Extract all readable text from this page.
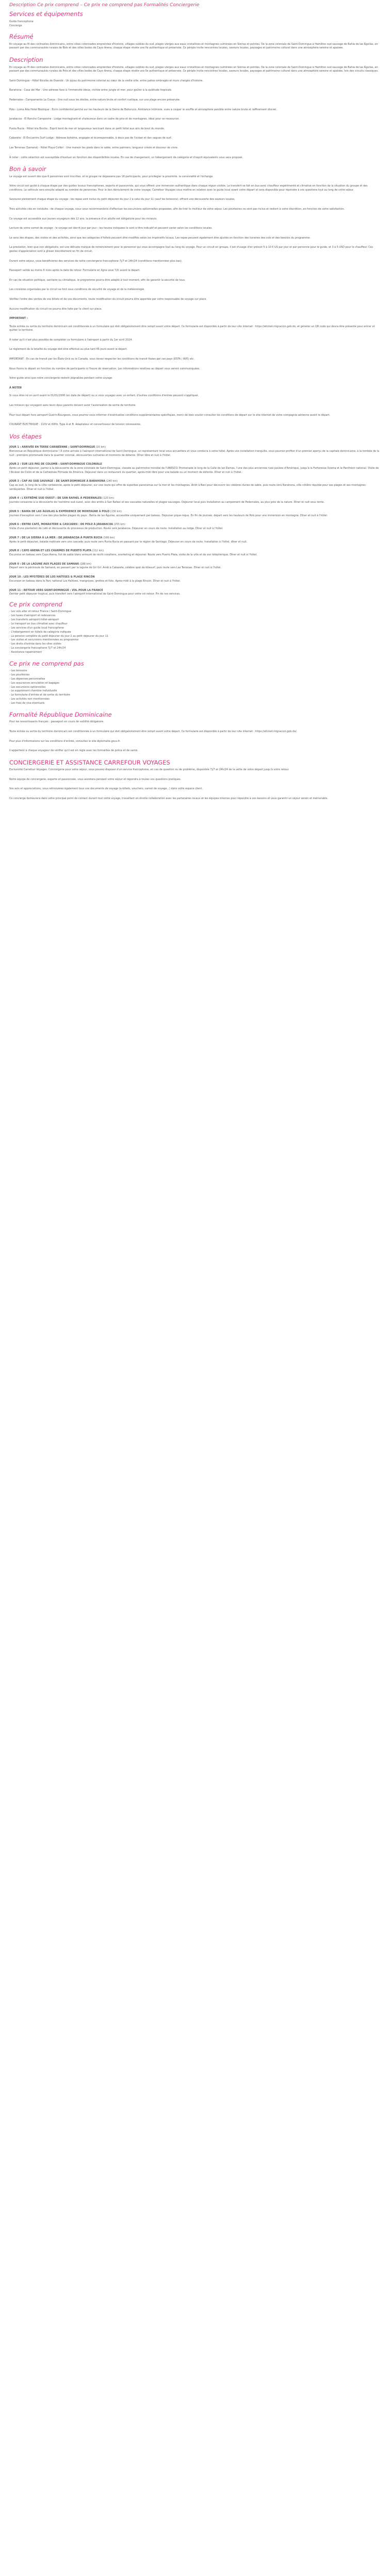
Description Ce prix comprend – Ce prix ne comprend pas Formalités Conciergerie
Services et équipements
Guide francophone
Concierge
Résumé
En voyage au fil des contrastes dominicains, entre côtes colonnades empreintes d'histoire, villages oubliés du sud, plages vierges aux eaux cristallines et montagnes culminées en Sierras et pointes. De la zone coloniale de Saint-Domingue à Hamilton sud sauvage de Bahia de las Águilas, en passant par des communautés rurales de Bois et des villes bodes de Cayo Arena, chaque étape révèle une île authentique et préservée. Ce périple invite rencontres locales, saveurs locales, paysages et patrimoine culturel dans une atmosphère sereine et apaisée.
Description
En voyage au fil des contrastes dominicains, entre côtes colonnades empreintes d'histoire, villages oubliés du sud, plages vierges aux eaux cristallines et montagnes culminées en Sierras et pointes. De la zone coloniale de Saint-Domingue à Hamilton sud sauvage de Bahía de las Águilas, en passant par des communautés rurales de Polo et des villes bodes de Cayo Arena, chaque étape révèle une île authentique et préservée. Ce périple invite rencontres locales, saveurs locales, paysages et patrimoine culturel dans une atmosphère sereine et apaisée, loin des circuits classiques.
Saint-Domingue - Hôtel Nicolás de Ovando : Un joyau du patrimoine colonial au cœur de la vieille ville, entre patios ombragés et murs chargés d'histoire.
Barahona - Casa del Mar : Une adresse face à l'immensité bleue, nichée entre jungle et mer, pour goûter à la quiétude tropicale.
Pedernales - Campamento La Cueva : Une nuit sous les étoiles, entre nature brute et confort rustique, sur une plage encore préservée.
Polo - Loma Alta Hotel Boutique : Écrin confidentiel perché sur les hauteurs de la Sierra de Bahoruco. Ambiance intimiste, vues à couper le souffle et atmosphère paisible entre nature brute et raffinement discret.
Jarabacoa - El Rancho Campestre : Lodge montagnard et chaleureux dans un cadre de pins et de montagnes, idéal pour se ressourcer.
Punta Rucia - Hôtel Isla Bonita : Esprit bord de mer et langoureux lancinant dans un petit hôtel aux airs de bout du monde.
Cabarete - El Encuentro Surf Lodge : Adresse bohème, engagée et écoresponsable, à deux pas de l'océan et des vagues de surf.
Las Terrenas (Samaná) - Hôtel Playa Colibrí : Une maison les pieds dans le sable, entre palmiers, langueur créole et douceur de vivre.
À noter : cette sélection est susceptible d'évoluer en fonction des disponibilités locales. En cas de changement, un hébergement de catégorie et d'esprit équivalents vous sera proposé.
Bon à savoir
Le voyage est ouvert dès que 6 personnes sont inscrites, et le groupe ne dépassera pas 16 participants, pour privilégier la proximité, la convivialité et l'échange.
Votre circuit est guidé à chaque étape par des guides locaux francophones, experts et passionnés, qui vous offrent une immersion authentique dans chaque région visitée. Le transfert se fait en bus avec chauffeur expérimenté et climatisé en fonction de la situation du groupe et des conditions. Le véhicule sera ensuite adapté au nombre de personnes. Pour le bon déroulement de votre voyage, Carrefour Voyages vous mettra en relation avec le guide local avant votre départ et sera disponible pour répondre à vos questions tout au long de votre séjour.
Savourez pleinement chaque étape du voyage : les repas sont inclus du petit déjeuner du jour 2 à celui du jour 11 (sauf les boissons), offrant une découverte des saveurs locales.
Trois activités clés en conduite : de chaque voyage, nous vous recommandons d'effectuer les excursions optionnelles proposées, afin de tirer le meilleur de votre séjour. Les pourboires ne sont pas inclus et restent à votre discrétion, en fonction de votre satisfaction.
Ce voyage est accessible aux jeunes voyageurs dès 12 ans, la présence d'un adulte est obligatoire pour les mineurs.
Lecture de votre carnet de voyage : le voyage est décrit jour par jour ; les heures indiquées le sont à titre indicatif et peuvent varier selon les conditions locales.
Le sens des étapes, des visites et des activités, ainsi que les catégories d'hôtels peuvent être modifiés selon les impératifs locaux. Les repas peuvent également être ajustés en fonction des horaires des vols et des besoins du programme.
La prestation, bien que non obligatoire, est une délicate marque de remerciement pour le personnel qui vous accompagne tout au long du voyage. Pour un circuit en groupe, il est d'usage d'en prévoir 5 à 10 € US par jour et par personne pour le guide, et 3 à 5 USD pour le chauffeur. Ces gestes d'appréciation sont à glisser discrètement en fin de circuit.
Durant votre séjour, vous bénéficierez des services de notre conciergerie francophone 7j/7 et 24h/24 (conditions mentionnées plus bas).
Passeport valide au moins 6 mois après la date de retour. Formulaire en ligne sous 72h avant le départ.
En cas de situation politique, sanitaire ou climatique, le programme pourra être adapté à tout moment, afin de garantir la sécurité de tous.
Les croisières organisées par le circuit se font sous conditions de sécurité de voyage et de la météorologie.
Vérifiez l'ordre des ventes de vos billets et de vos documents, toute modification du circuit pourra être apportée par votre responsable de voyage sur place.
Aucune modification du circuit ne pourra être faite par le client sur place.
IMPORTANT :
Toute entrée ou sortie du territoire dominicain est conditionnée à un formulaire qui doit obligatoirement être rempli avant votre départ. Ce formulaire est disponible à partir de leur site internet : https://eticket.migracion.gob.do, et générer un QR code qui devra être présenté pour entrer et quitter le territoire.
À noter qu'il n'est plus possible de compléter ce formulaire à l'aéroport à partir du 1er avril 2024.
Le règlement de la totalité du voyage doit être effectué au plus tard 45 jours avant le départ.
IMPORTANT : En cas de transit par les États-Unis ou le Canada, vous devez respecter les conditions de transit fixées par ces pays (ESTA / AVE) etc.
Nous fixons le départ en fonction du nombre de participants à l'heure de réservation. Les informations relatives au départ vous seront communiquées.
Votre guide ainsi que notre conciergerie restent joignables pendant votre voyage.
À NOTER
Si vous êtes né en avril avant le 01/01/2006 (en date de départ) ou si vous voyagez avec un enfant, d'autres conditions d'entrée peuvent s'appliquer.
Les mineurs qui voyagent sans leurs deux parents doivent avoir l'autorisation de sortie de territoire.
Pour tout départ hors aéroport Guérin-Bourgeois, vous pourrez vous informer d'éventuelles conditions supplémentaires spécifiques, merci de bien vouloir consulter les conditions de départ sur le site internet de votre compagnie aérienne avant le départ.
COURANT ÉLECTRIQUE : 110V et 60Hz. Type A et B. Adaptateur et convertisseur de tension nécessaires.
Vos étapes
JOUR 1 : ARRIVÉE EN TERRE CARIBÉENNE : SAINT-DOMINGUE (20 km)
Bienvenue en République dominicaine ! À votre arrivée à l'aéroport international de Saint-Domingue, un représentant local vous accueillera et vous conduira à votre hôtel. Après une installation tranquille, vous pourrez profiter d'un premier aperçu de la capitale dominicaine, à la tombée de la nuit : première promenade dans le quartier colonial, découvertes culinaires et moments de détente. Dîner libre et nuit à l'hôtel.
JOUR 2 : SUR LES PAS DE COLOMB : SAINT-DOMINGUE COLONIALE
Après un petit déjeuner, partez à la découverte de la zone coloniale de Saint-Domingue, classée au patrimoine mondial de l'UNESCO. Promenade le long de la Calle de las Damas, l'une des plus anciennes rues pavées d'Amérique, jusqu'à la Forteresse Ozama et le Panthéon national. Visite de l'Alcázar de Colón et de la Cathédrale Primada de América. Déjeuner dans un restaurant du quartier, après-midi libre pour une balade ou un moment de détente. Dîner et nuit à l'hôtel.
JOUR 3 : CAP AU SUD SAUVAGE : DE SAINT-DOMINGUE À BARAHONA (240 km)
Cap au sud, le long de la côte caribéenne, après le petit déjeuner, sur une route qui offre de superbes panoramas sur la mer et les montagnes. Arrêt à Baní pour découvrir les célèbres dunes de sable, puis route vers Barahona, ville côtière réputée pour ses plages et ses montagnes verdoyantes. Dîner et nuit à l'hôtel.
JOUR 4 : L'EXTRÊME SUD OUEST : DE SAN RAFAEL À PEDERNALES (120 km)
Journée consacrée à la découverte de l'extrême sud-ouest, avec des arrêts à San Rafael et ses cascades naturelles et plages sauvages. Déjeuner local puis installation au campement de Pedernales, au plus près de la nature. Dîner et nuit sous tente.
JOUR 5 : BAHÍA DE LAS ÁGUILAS & EXPÉRIENCE DE MONTAGNE À POLO (130 km)
Journée d'exception vers l'une des plus belles plages du pays : Bahía de las Águilas, accessible uniquement par bateau. Déjeuner pique-nique. En fin de journée, départ vers les hauteurs de Polo pour une immersion en montagne. Dîner et nuit à l'hôtel.
JOUR 6 : ENTRE CAFÉ, MONASTÈRE & CASCADES : DE POLO À JARABACOA (255 km)
Visite d'une plantation de café et découverte du processus de production. Route vers Jarabacoa. Déjeuner en cours de route. Installation au lodge. Dîner et nuit à l'hôtel.
JOUR 7 : DE LA SIERRA À LA MER : DE JARABACOA À PUNTA RUCIA (166 km)
Après le petit déjeuner, balade matinale vers une cascade, puis route vers Punta Rucia en passant par la région de Santiago. Déjeuner en cours de route. Installation à l'hôtel, dîner et nuit.
JOUR 8 : CAYO ARENA ET LES CHARMES DE PUERTO PLATA (112 km)
Excursion en bateau vers Cayo Arena, îlot de sable blanc entouré de récifs coralliens, snorkeling et déjeuner. Route vers Puerto Plata, visite de la ville et de son téléphérique. Dîner et nuit à l'hôtel.
JOUR 9 : DE LA LAGUNE AUX PLAGES DE SAMANÁ (188 km)
Départ vers la péninsule de Samaná, en passant par la lagune de Gri Gri. Arrêt à Cabarete, célèbre spot de kitesurf, puis route vers Las Terrenas. Dîner et nuit à l'hôtel.
JOUR 10 : LES MYSTÈRES DE LOS HAÏTISES & PLAGE RINCÓN
Excursion en bateau dans le Parc national Los Haïtises, mangroves, grottes et îlots. Après-midi à la plage Rincón. Dîner et nuit à l'hôtel.
JOUR 11 : RETOUR VERS SAINT-DOMINGUE : VOL POUR LA FRANCE
Dernier petit déjeuner tropical, puis transfert vers l'aéroport international de Saint-Domingue pour votre vol retour. Fin de nos services.
Ce prix comprend
- Les vols aller et retour France / Saint-Domingue
- Les taxes d'aéroport et redevances
- Les transferts aéroport-hôtel-aéroport
- Le transport en bus climatisé avec chauffeur
- Les services d'un guide local francophone
- L'hébergement en hôtels de catégorie indiquée
- La pension complète du petit déjeuner du jour 2 au petit déjeuner du jour 11
- Les visites et excursions mentionnées au programme
- Les droits d'entrée dans les sites visités
- La conciergerie francophone 7j/7 et 24h/24
- Assistance rapatriement
Ce prix ne comprend pas
- Les boissons
- Les pourboires
- Les dépenses personnelles
- Les assurances annulation et bagages
- Les excursions optionnelles
- Le supplément chambre individuelle
- Le formulaire d'entrée et de sortie du territoire
- Les activités non mentionnées
- Les frais de visa éventuels
Formalité République Dominicaine
Pour les ressortissants français : passeport en cours de validité obligatoire.
Toute entrée ou sortie du territoire dominicain est conditionnée à un formulaire qui doit obligatoirement être rempli avant votre départ. Ce formulaire est disponible à partir de leur site internet : https://eticket.migracion.gob.do/.
Pour plus d'informations sur les conditions d'entrée, consultez le site diplomatie.gouv.fr.
Il appartient à chaque voyageur de vérifier qu'il est en règle avec les formalités de police et de santé.
CONCIERGERIE ET ASSISTANCE CARREFOUR VOYAGES
Exclusivité Carrefour Voyages. Conciergerie pour votre séjour, vous pouvez disposer d'un service francophone, en cas de question ou de problème, disponible 7j/7 et 24h/24 de la veille de votre départ jusqu'à votre retour.
Notre équipe de conciergerie, experte et passionnée, vous assistera pendant votre séjour et répondra à toutes vos questions pratiques.
Vos avis et appréciations, vous retrouverez également tous vos documents de voyage (e-billets, vouchers, carnet de voyage...) dans votre espace client.
Ce concierge demeurera dans votre principal point de contact durant tout votre voyage, travaillant en étroite collaboration avec les partenaires locaux et les équipes internes pour répondre à vos besoins et vous garantir un séjour serein et mémorable.
